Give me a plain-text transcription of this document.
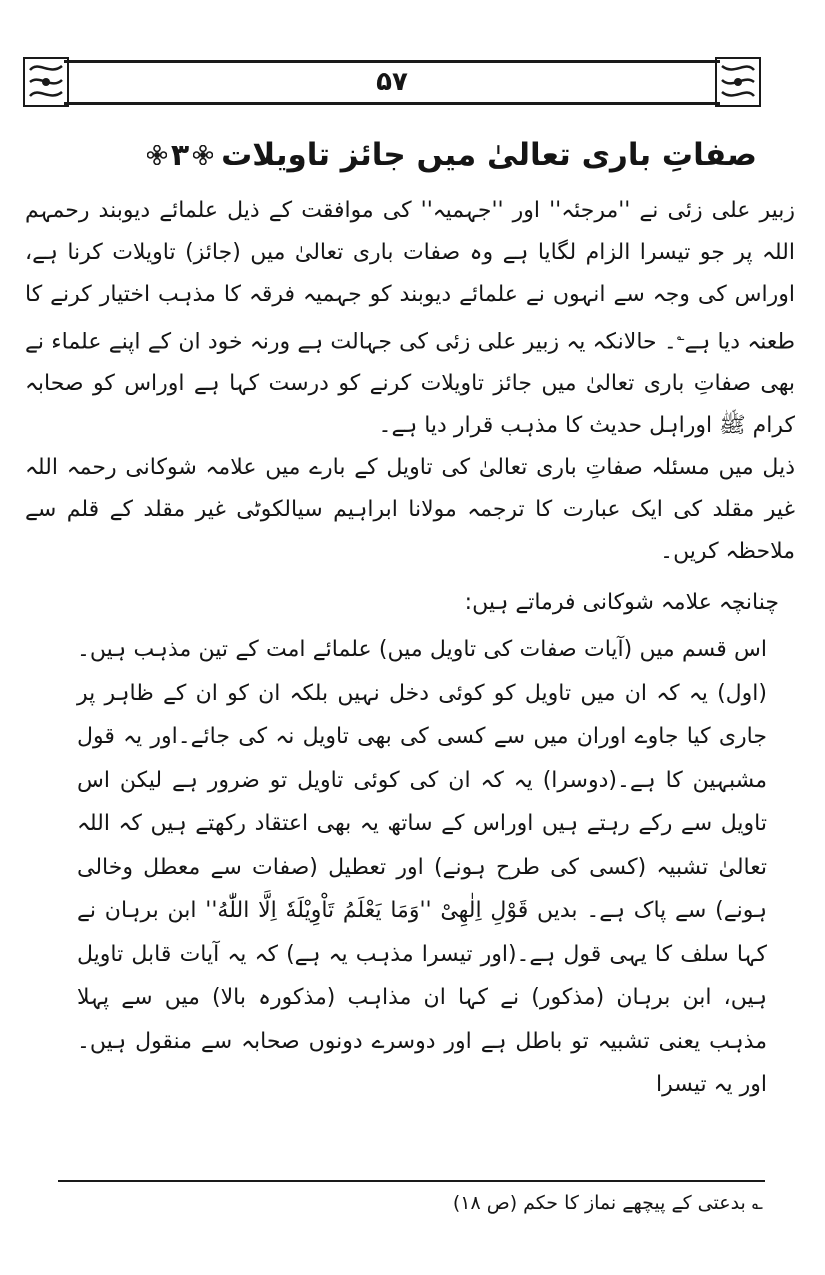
۵۷
۳ صفاتِ باری تعالیٰ میں جائز تاویلات

زبیر علی زئی نے ''مرجئہ'' اور ''جہمیہ'' کی موافقت کے ذیل علمائے دیوبند رحمہم اللہ پر جو تیسرا الزام لگایا ہے وہ صفات باری تعالیٰ میں (جائز) تاویلات کرنا ہے، اوراس کی وجہ سے انہوں نے علمائے دیوبند کو جہمیہ فرقہ کا مذہب اختیار کرنے کا طعنہ دیا ہے؎۔ حالانکہ یہ زبیر علی زئی کی جہالت ہے ورنہ خود ان کے اپنے علماء نے بھی صفاتِ باری تعالیٰ میں جائز تاویلات کرنے کو درست کہا ہے اوراس کو صحابہ کرام ﷺ اوراہل حدیث کا مذہب قرار دیا ہے۔

ذیل میں مسئلہ صفاتِ باری تعالیٰ کی تاویل کے بارے میں علامہ شوکانی رحمہ اللہ غیر مقلد کی ایک عبارت کا ترجمہ مولانا ابراہیم سیالکوٹی غیر مقلد کے قلم سے ملاحظہ کریں۔

چنانچہ علامہ شوکانی فرماتے ہیں:

اس قسم میں (آیات صفات کی تاویل میں) علمائے امت کے تین مذہب ہیں۔(اول) یہ کہ ان میں تاویل کو کوئی دخل نہیں بلکہ ان کو ان کے ظاہر پر جاری کیا جاوے اوران میں سے کسی کی بھی تاویل نہ کی جائے۔اور یہ قول مشبہین کا ہے۔(دوسرا) یہ کہ ان کی کوئی تاویل تو ضرور ہے لیکن اس تاویل سے رکے رہتے ہیں اوراس کے ساتھ یہ بھی اعتقاد رکھتے ہیں کہ اللہ تعالیٰ تشبیہ (کسی کی طرح ہونے) اور تعطیل (صفات سے معطل وخالی ہونے) سے پاک ہے۔ بدیں قَوْلِ اِلٰھِیْ ''وَمَا یَعْلَمُ تَاْوِیْلَهٗ اِلَّا اللّٰهُ'' ابن برہان نے کہا سلف کا یہی قول ہے۔(اور تیسرا مذہب یہ ہے) کہ یہ آیات قابل تاویل ہیں، ابن برہان (مذکور) نے کہا ان مذاہب (مذکورہ بالا) میں سے پہلا مذہب یعنی تشبیہ تو باطل ہے اور دوسرے دونوں صحابہ سے منقول ہیں۔اور یہ تیسرا

؎ بدعتی کے پیچھے نماز کا حکم (ص ۱۸)
